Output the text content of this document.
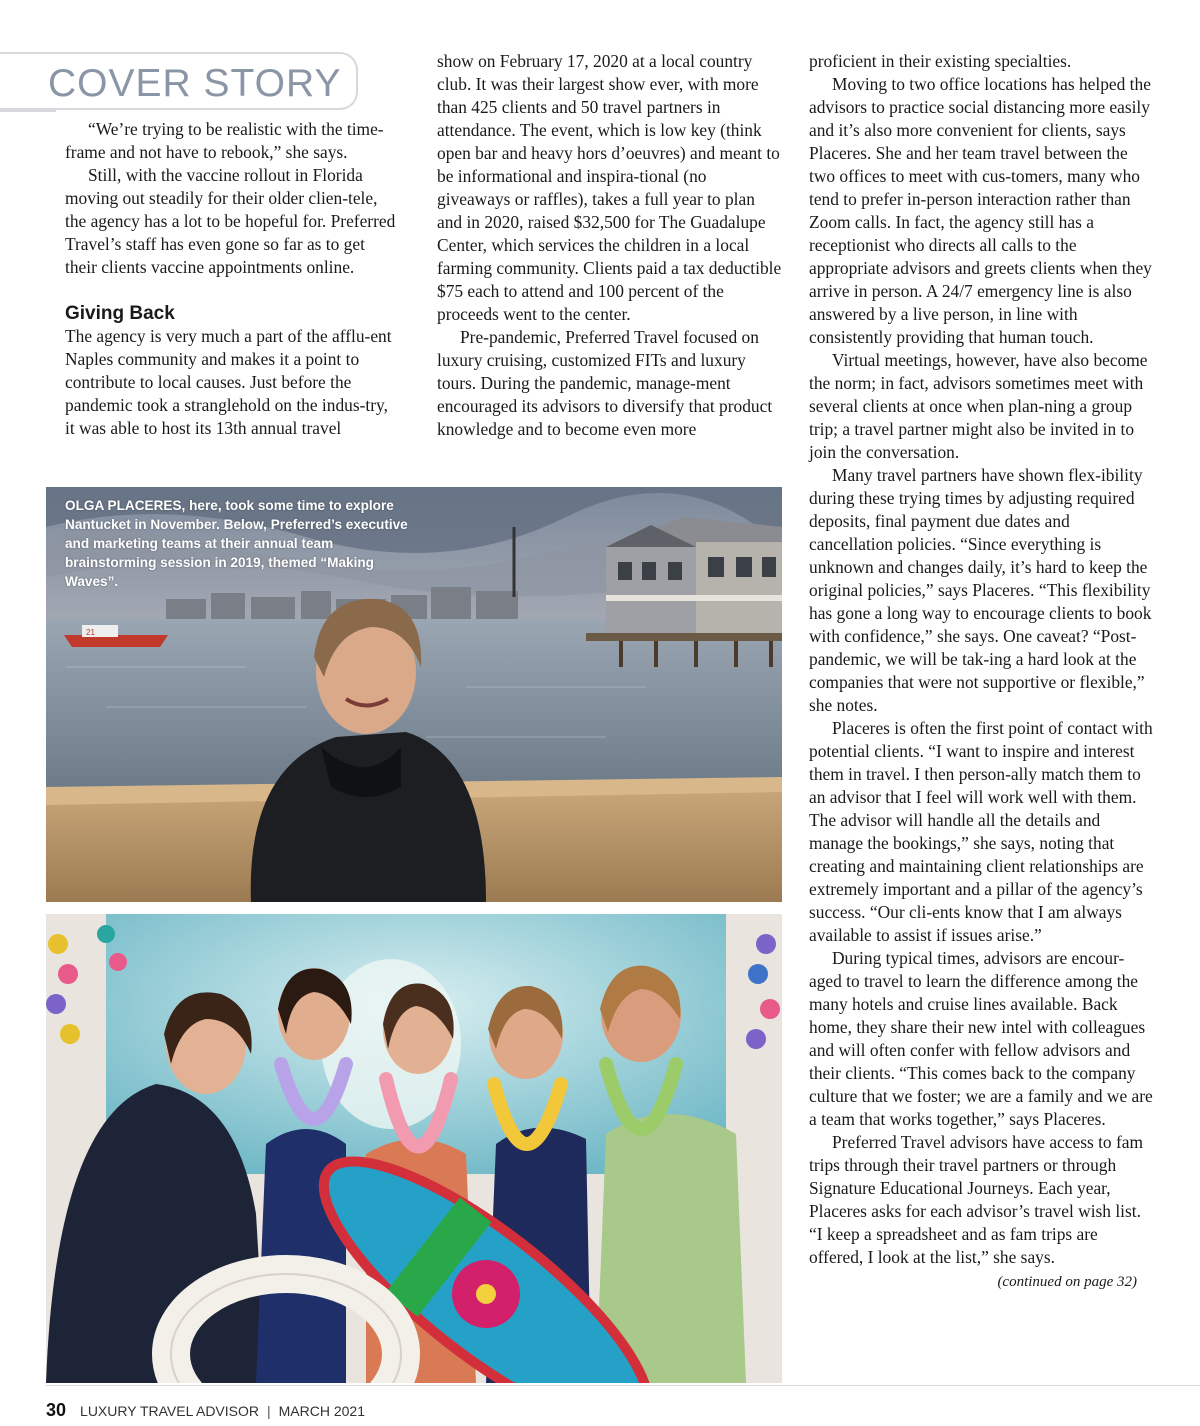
COVER STORY

“We’re trying to be realistic with the time-frame and not have to rebook,” she says.

Still, with the vaccine rollout in Florida moving out steadily for their older clien-tele, the agency has a lot to be hopeful for. Preferred Travel’s staff has even gone so far as to get their clients vaccine appointments online.

Giving Back

The agency is very much a part of the afflu-ent Naples community and makes it a point to contribute to local causes. Just before the pandemic took a stranglehold on the indus-try, it was able to host its 13th annual travel

show on February 17, 2020 at a local country club. It was their largest show ever, with more than 425 clients and 50 travel partners in attendance. The event, which is low key (think open bar and heavy hors d’oeuvres) and meant to be informational and inspira-tional (no giveaways or raffles), takes a full year to plan and in 2020, raised $32,500 for The Guadalupe Center, which services the children in a local farming community. Clients paid a tax deductible $75 each to attend and 100 percent of the proceeds went to the center.

Pre-pandemic, Preferred Travel focused on luxury cruising, customized FITs and luxury tours. During the pandemic, manage-ment encouraged its advisors to diversify that product knowledge and to become even more

proficient in their existing specialties.

Moving to two office locations has helped the advisors to practice social distancing more easily and it’s also more convenient for clients, says Placeres. She and her team travel between the two offices to meet with cus-tomers, many who tend to prefer in-person interaction rather than Zoom calls. In fact, the agency still has a receptionist who directs all calls to the appropriate advisors and greets clients when they arrive in person. A 24/7 emergency line is also answered by a live person, in line with consistently providing that human touch.

Virtual meetings, however, have also become the norm; in fact, advisors sometimes meet with several clients at once when plan-ning a group trip; a travel partner might also be invited in to join the conversation.

Many travel partners have shown flex-ibility during these trying times by adjusting required deposits, final payment due dates and cancellation policies. “Since everything is unknown and changes daily, it’s hard to keep the original policies,” says Placeres. “This flexibility has gone a long way to encourage clients to book with confidence,” she says. One caveat? “Post-pandemic, we will be tak-ing a hard look at the companies that were not supportive or flexible,” she notes.

Placeres is often the first point of contact with potential clients. “I want to inspire and interest them in travel. I then person-ally match them to an advisor that I feel will work well with them. The advisor will handle all the details and manage the bookings,” she says, noting that creating and maintaining client relationships are extremely important and a pillar of the agency’s success. “Our cli-ents know that I am always available to assist if issues arise.”

During typical times, advisors are encour-aged to travel to learn the difference among the many hotels and cruise lines available. Back home, they share their new intel with colleagues and will often confer with fellow advisors and their clients. “This comes back to the company culture that we foster; we are a family and we are a team that works together,” says Placeres.

Preferred Travel advisors have access to fam trips through their travel partners or through Signature Educational Journeys. Each year, Placeres asks for each advisor’s travel wish list. “I keep a spreadsheet and as fam trips are offered, I look at the list,” she says.

(continued on page 32)

21
OLGA PLACERES, here, took some time to explore Nantucket in November. Below, Preferred’s executive and marketing teams at their annual team brainstorming session in 2019, themed “Making Waves”.
30 LUXURY TRAVEL ADVISOR | MARCH 2021
